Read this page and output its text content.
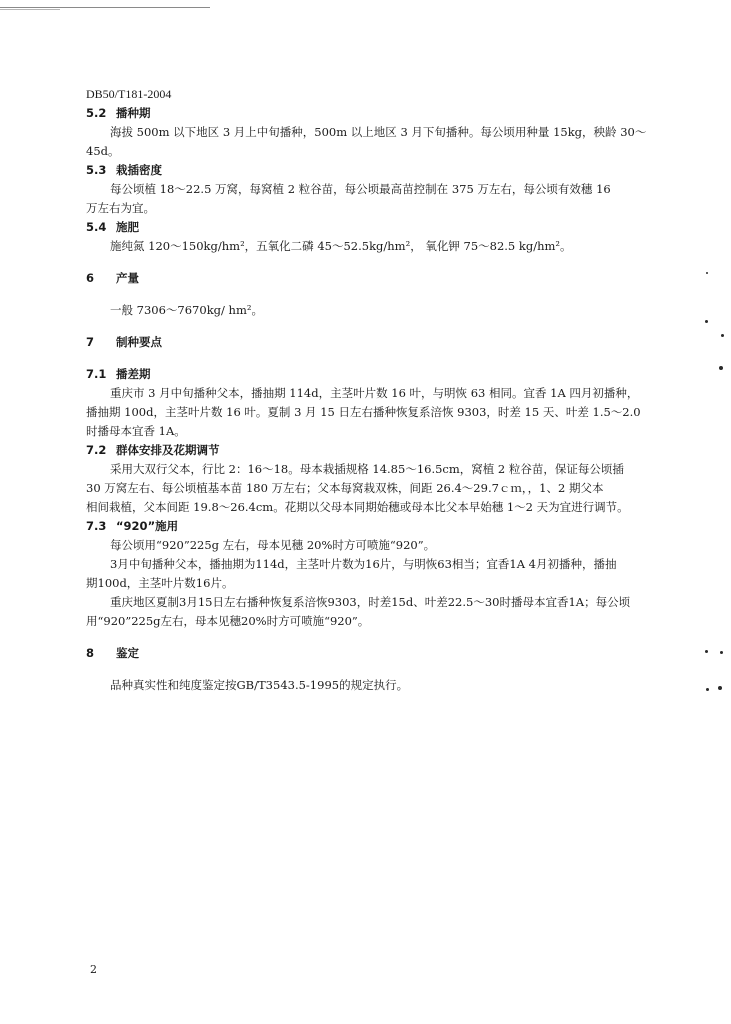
DB50/T181-2004
5.2 播种期
海拔 500m 以下地区 3 月上中旬播种，500m 以上地区 3 月下旬播种。每公顷用种量 15kg，秧龄 30～
45d。
5.3 栽插密度
每公顷植 18～22.5 万窝，每窝植 2 粒谷苗，每公顷最高苗控制在 375 万左右，每公顷有效穗 16
万左右为宜。
5.4 施肥
施纯氮 120～150kg/hm²，五氧化二磷 45～52.5kg/hm²， 氧化钾 75～82.5 kg/hm²。
6 产量
一般 7306～7670kg/ hm²。
7 制种要点
7.1 播差期
重庆市 3 月中旬播种父本，播抽期 114d，主茎叶片数 16 叶，与明恢 63 相同。宜香 1A 四月初播种，
播抽期 100d，主茎叶片数 16 叶。夏制 3 月 15 日左右播种恢复系涪恢 9303，时差 15 天、叶差 1.5～2.0
时播母本宜香 1A。
7.2 群体安排及花期调节
采用大双行父本，行比 2：16～18。母本栽插规格 14.85～16.5cm，窝植 2 粒谷苗，保证每公顷插
30 万窝左右、每公顷植基本苗 180 万左右；父本每窝栽双株，间距 26.4～29.7ｃｍ，，1、2 期父本
相间栽植，父本间距 19.8～26.4cm。花期以父母本同期始穗或母本比父本早始穗 1～2 天为宜进行调节。
7.3 “920”施用
每公顷用“920”225g 左右，母本见穗 20%时方可喷施“920”。
3月中旬播种父本，播抽期为114d，主茎叶片数为16片，与明恢63相当；宜香1A 4月初播种，播抽
期100d，主茎叶片数16片。
重庆地区夏制3月15日左右播种恢复系涪恢9303，时差15d、叶差22.5～30时播母本宜香1A；每公顷
用“920”225g左右，母本见穗20%时方可喷施“920”。
8 鉴定
品种真实性和纯度鉴定按GB/T3543.5-1995的规定执行。
2
